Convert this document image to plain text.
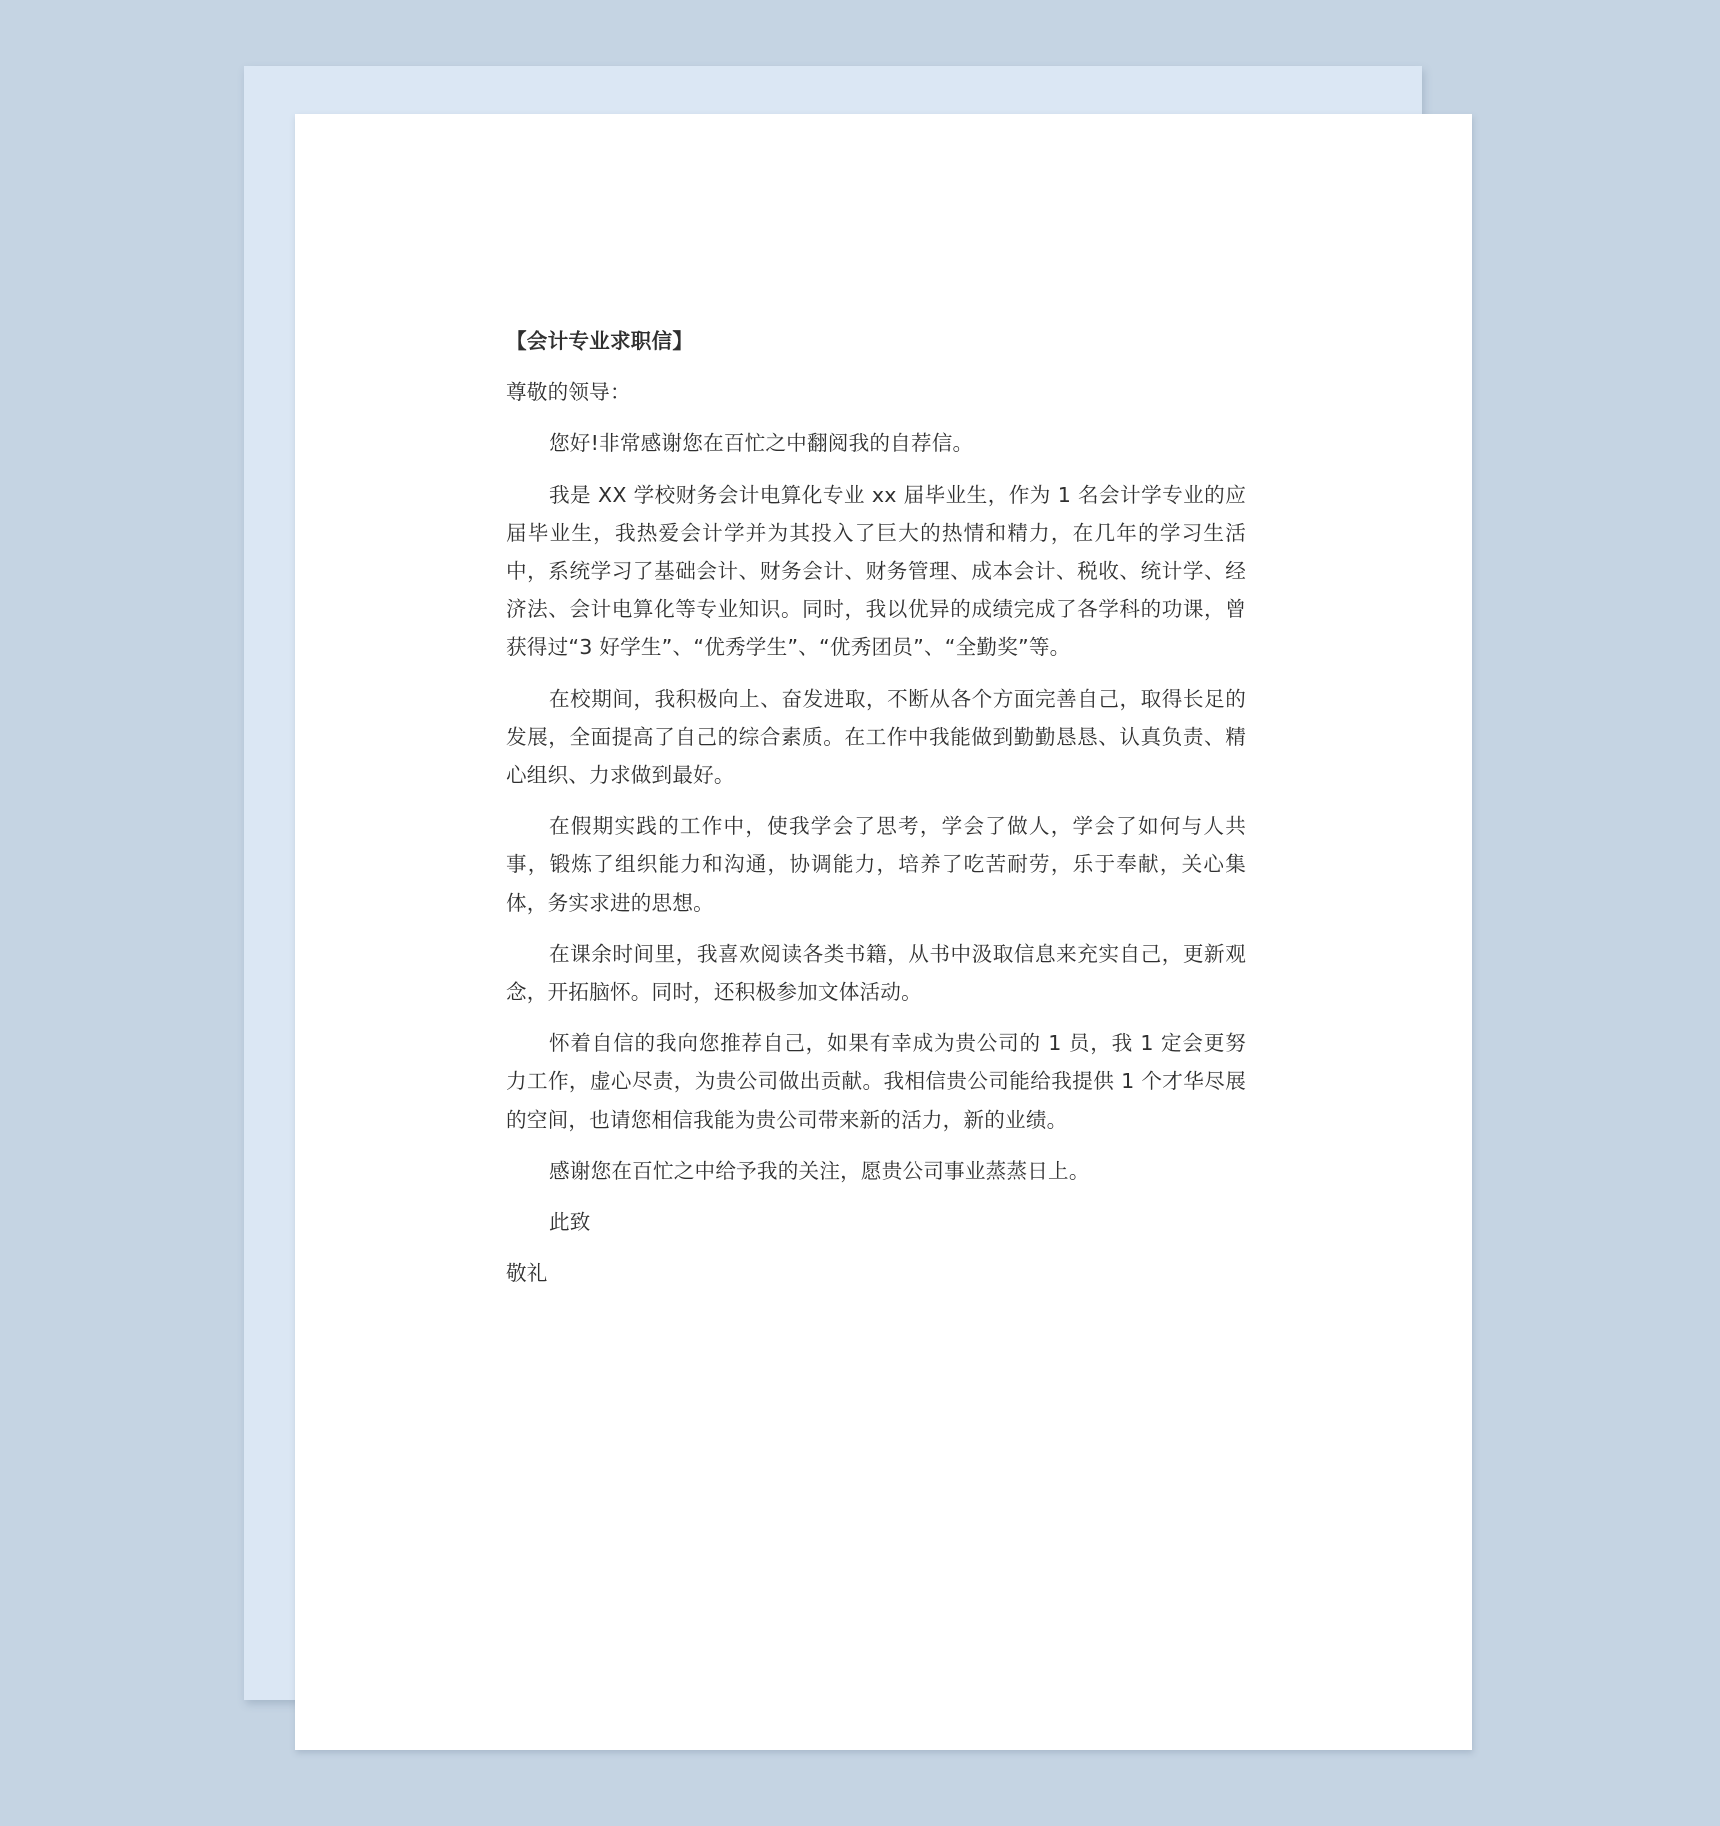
【会计专业求职信】

尊敬的领导：

您好!非常感谢您在百忙之中翻阅我的自荐信。

我是 XX 学校财务会计电算化专业 xx 届毕业生，作为 1 名会计学专业的应届毕业生，我热爱会计学并为其投入了巨大的热情和精力，在几年的学习生活中，系统学习了基础会计、财务会计、财务管理、成本会计、税收、统计学、经济法、会计电算化等专业知识。同时，我以优异的成绩完成了各学科的功课，曾获得过“3 好学生”、“优秀学生”、“优秀团员”、“全勤奖”等。

在校期间，我积极向上、奋发进取，不断从各个方面完善自己，取得长足的发展，全面提高了自己的综合素质。在工作中我能做到勤勤恳恳、认真负责、精心组织、力求做到最好。

在假期实践的工作中，使我学会了思考，学会了做人，学会了如何与人共事，锻炼了组织能力和沟通，协调能力，培养了吃苦耐劳，乐于奉献，关心集体，务实求进的思想。

在课余时间里，我喜欢阅读各类书籍，从书中汲取信息来充实自己，更新观念，开拓脑怀。同时，还积极参加文体活动。

怀着自信的我向您推荐自己，如果有幸成为贵公司的 1 员，我 1 定会更努力工作，虚心尽责，为贵公司做出贡献。我相信贵公司能给我提供 1 个才华尽展的空间，也请您相信我能为贵公司带来新的活力，新的业绩。

感谢您在百忙之中给予我的关注，愿贵公司事业蒸蒸日上。

此致

敬礼
